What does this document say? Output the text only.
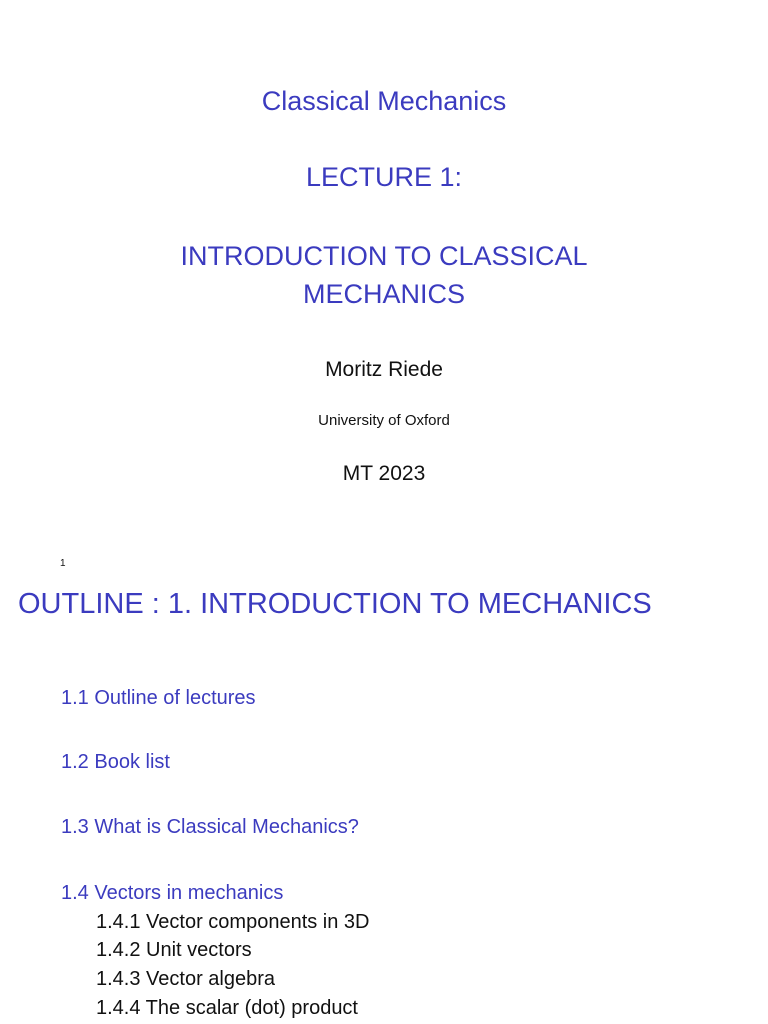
Classical Mechanics
LECTURE 1:
INTRODUCTION TO CLASSICAL
MECHANICS
Moritz Riede
University of Oxford
MT 2023
1
OUTLINE : 1. INTRODUCTION TO MECHANICS
1.1 Outline of lectures
1.2 Book list
1.3 What is Classical Mechanics?
1.4 Vectors in mechanics
1.4.1 Vector components in 3D
1.4.2 Unit vectors
1.4.3 Vector algebra
1.4.4 The scalar (dot) product
